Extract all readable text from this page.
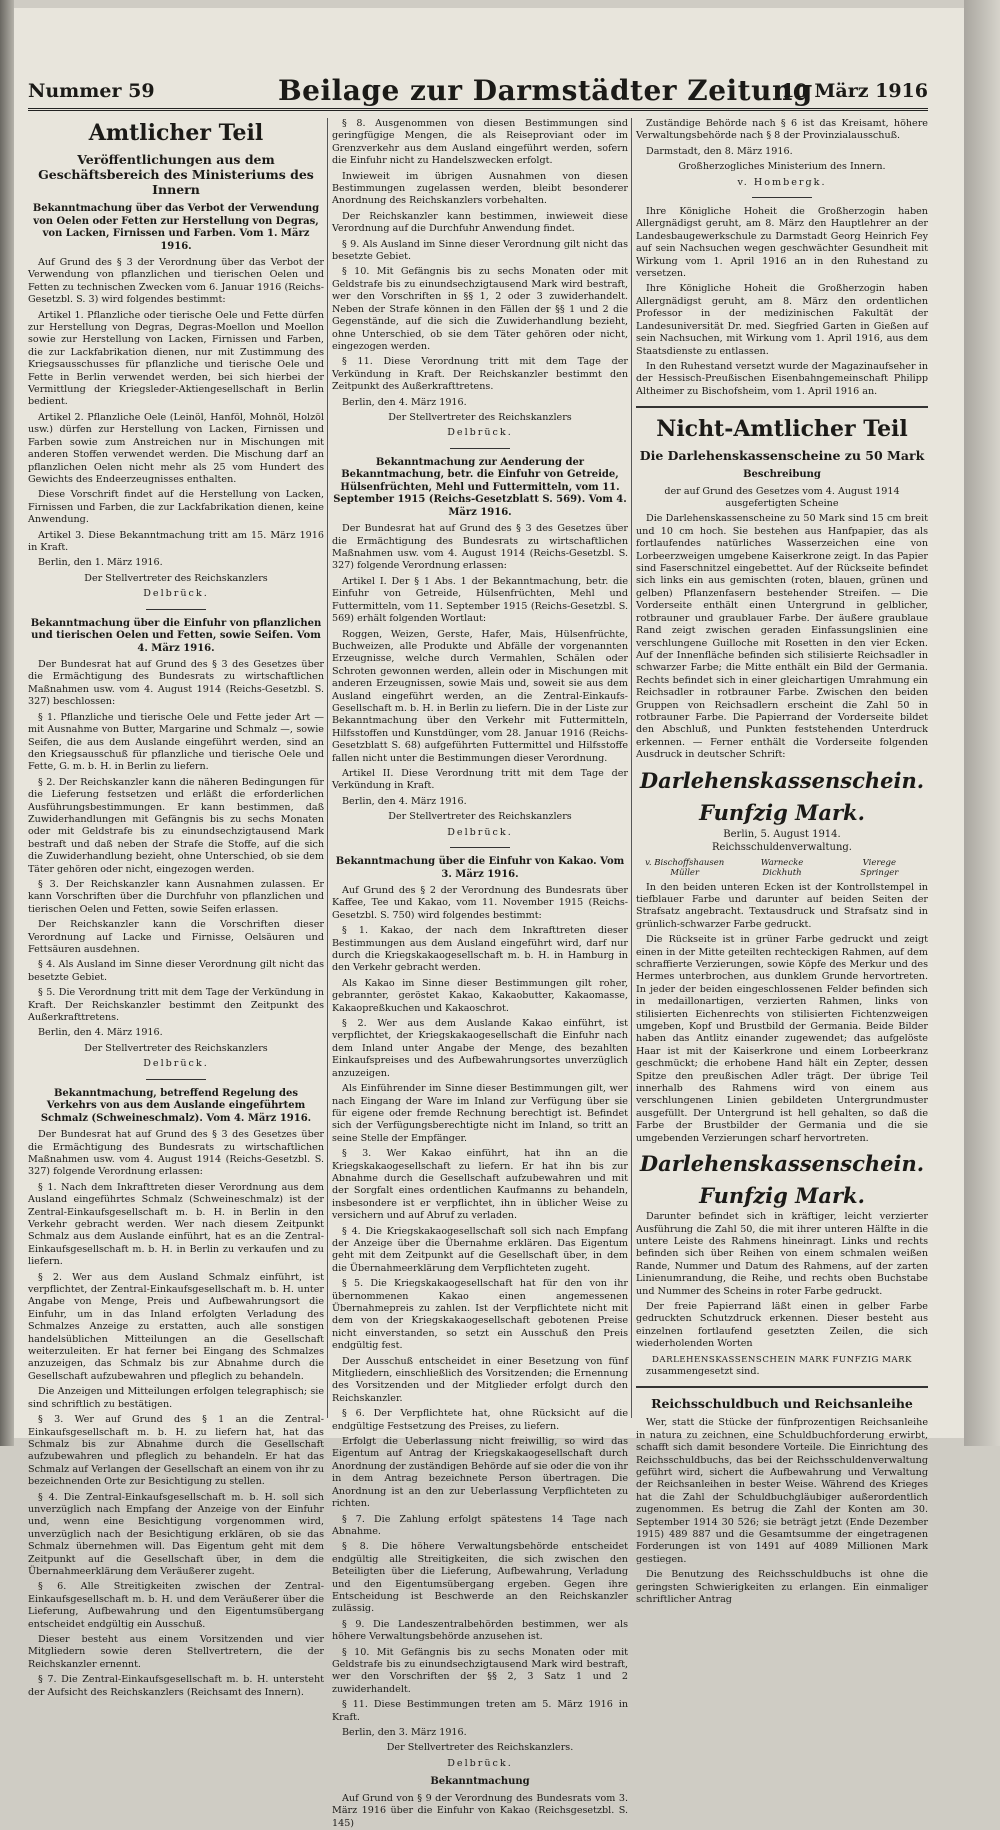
Nummer 59	Beilage zur Darmstädter Zeitung
10 März 1916
Amtlicher Teil
Veröffentlichungen aus dem Geschäftsbereich des Ministeriums des Innern
Bekanntmachung über das Verbot der Verwendung von Oelen oder Fetten zur Herstellung von Degras, von Lacken, Firnissen und Farben. Vom 1. März 1916.

Auf Grund des § 3 der Verordnung über das Verbot der Verwendung von pflanzlichen und tierischen Oelen und Fetten zu technischen Zwecken vom 6. Januar 1916 (Reichs-Gesetzbl. S. 3) wird folgendes bestimmt:

Artikel 1. Pflanzliche oder tierische Oele und Fette dürfen zur Herstellung von Degras, Degras-Moellon und Moellon sowie zur Herstellung von Lacken, Firnissen und Farben, die zur Lackfabrikation dienen, nur mit Zustimmung des Kriegsausschusses für pflanzliche und tierische Oele und Fette in Berlin verwendet werden, bei sich hierbei der Vermittlung der Kriegsleder-Aktiengesellschaft in Berlin bedient.

Artikel 2. Pflanzliche Oele (Leinöl, Hanföl, Mohnöl, Holzöl usw.) dürfen zur Herstellung von Lacken, Firnissen und Farben sowie zum Anstreichen nur in Mischungen mit anderen Stoffen verwendet werden. Die Mischung darf an pflanzlichen Oelen nicht mehr als 25 vom Hundert des Gewichts des Endeerzeugnisses enthalten.

Diese Vorschrift findet auf die Herstellung von Lacken, Firnissen und Farben, die zur Lackfabrikation dienen, keine Anwendung.

Artikel 3. Diese Bekanntmachung tritt am 15. März 1916 in Kraft.

Berlin, den 1. März 1916.

Der Stellvertreter des Reichskanzlers

Delbrück.
Bekanntmachung über die Einfuhr von pflanzlichen und tierischen Oelen und Fetten, sowie Seifen. Vom 4. März 1916.

Der Bundesrat hat auf Grund des § 3 des Gesetzes über die Ermächtigung des Bundesrats zu wirtschaftlichen Maßnahmen usw. vom 4. August 1914 (Reichs-Gesetzbl. S. 327) beschlossen:

§ 1. Pflanzliche und tierische Oele und Fette jeder Art — mit Ausnahme von Butter, Margarine und Schmalz —, sowie Seifen, die aus dem Auslande eingeführt werden, sind an den Kriegsausschuß für pflanzliche und tierische Oele und Fette, G. m. b. H. in Berlin zu liefern.

§ 2. Der Reichskanzler kann die näheren Bedingungen für die Lieferung festsetzen und erläßt die erforderlichen Ausführungsbestimmungen. Er kann bestimmen, daß Zuwiderhandlungen mit Gefängnis bis zu sechs Monaten oder mit Geldstrafe bis zu einundsechzigtausend Mark bestraft und daß neben der Strafe die Stoffe, auf die sich die Zuwiderhandlung bezieht, ohne Unterschied, ob sie dem Täter gehören oder nicht, eingezogen werden.

§ 3. Der Reichskanzler kann Ausnahmen zulassen. Er kann Vorschriften über die Durchfuhr von pflanzlichen und tierischen Oelen und Fetten, sowie Seifen erlassen.

Der Reichskanzler kann die Vorschriften dieser Verordnung auf Lacke und Firnisse, Oelsäuren und Fettsäuren ausdehnen.

§ 4. Als Ausland im Sinne dieser Verordnung gilt nicht das besetzte Gebiet.

§ 5. Die Verordnung tritt mit dem Tage der Verkündung in Kraft. Der Reichskanzler bestimmt den Zeitpunkt des Außerkrafttretens.

Berlin, den 4. März 1916.

Der Stellvertreter des Reichskanzlers

Delbrück.
Bekanntmachung, betreffend Regelung des Verkehrs von aus dem Auslande eingeführtem Schmalz (Schweineschmalz). Vom 4. März 1916.

Der Bundesrat hat auf Grund des § 3 des Gesetzes über die Ermächtigung des Bundesrats zu wirtschaftlichen Maßnahmen usw. vom 4. August 1914 (Reichs-Gesetzbl. S. 327) folgende Verordnung erlassen:

§ 1. Nach dem Inkrafttreten dieser Verordnung aus dem Ausland eingeführtes Schmalz (Schweineschmalz) ist der Zentral-Einkaufsgesellschaft m. b. H. in Berlin in den Verkehr gebracht werden. Wer nach diesem Zeitpunkt Schmalz aus dem Auslande einführt, hat es an die Zentral-Einkaufsgesellschaft m. b. H. in Berlin zu verkaufen und zu liefern.

§ 2. Wer aus dem Ausland Schmalz einführt, ist verpflichtet, der Zentral-Einkaufsgesellschaft m. b. H. unter Angabe von Menge, Preis und Aufbewahrungsort die Einfuhr, um in das Inland erfolgten Verladung des Schmalzes Anzeige zu erstatten, auch alle sonstigen handelsüblichen Mitteilungen an die Gesellschaft weiterzuleiten. Er hat ferner bei Eingang des Schmalzes anzuzeigen, das Schmalz bis zur Abnahme durch die Gesellschaft aufzubewahren und pfleglich zu behandeln.

Die Anzeigen und Mitteilungen erfolgen telegraphisch; sie sind schriftlich zu bestätigen.

§ 3. Wer auf Grund des § 1 an die Zentral-Einkaufsgesellschaft m. b. H. zu liefern hat, hat das Schmalz bis zur Abnahme durch die Gesellschaft aufzubewahren und pfleglich zu behandeln. Er hat das Schmalz auf Verlangen der Gesellschaft an einem von ihr zu bezeichnenden Orte zur Besichtigung zu stellen.

§ 4. Die Zentral-Einkaufsgesellschaft m. b. H. soll sich unverzüglich nach Empfang der Anzeige von der Einfuhr und, wenn eine Besichtigung vorgenommen wird, unverzüglich nach der Besichtigung erklären, ob sie das Schmalz übernehmen will. Das Eigentum geht mit dem Zeitpunkt auf die Gesellschaft über, in dem die Übernahmeerklärung dem Veräußerer zugeht.

§ 6. Alle Streitigkeiten zwischen der Zentral-Einkaufsgesellschaft m. b. H. und dem Veräußerer über die Lieferung, Aufbewahrung und den Eigentumsübergang entscheidet endgültig ein Ausschuß.

Dieser besteht aus einem Vorsitzenden und vier Mitgliedern sowie deren Stellvertretern, die der Reichskanzler ernennt.

§ 7. Die Zentral-Einkaufsgesellschaft m. b. H. untersteht der Aufsicht des Reichskanzlers (Reichsamt des Innern).

§ 8. Ausgenommen von diesen Bestimmungen sind geringfügige Mengen, die als Reiseproviant oder im Grenzverkehr aus dem Ausland eingeführt werden, sofern die Einfuhr nicht zu Handelszwecken erfolgt.

Inwieweit im übrigen Ausnahmen von diesen Bestimmungen zugelassen werden, bleibt besonderer Anordnung des Reichskanzlers vorbehalten.

Der Reichskanzler kann bestimmen, inwieweit diese Verordnung auf die Durchfuhr Anwendung findet.

§ 9. Als Ausland im Sinne dieser Verordnung gilt nicht das besetzte Gebiet.

§ 10. Mit Gefängnis bis zu sechs Monaten oder mit Geldstrafe bis zu einundsechzigtausend Mark wird bestraft, wer den Vorschriften in §§ 1, 2 oder 3 zuwiderhandelt. Neben der Strafe können in den Fällen der §§ 1 und 2 die Gegenstände, auf die sich die Zuwiderhandlung bezieht, ohne Unterschied, ob sie dem Täter gehören oder nicht, eingezogen werden.

§ 11. Diese Verordnung tritt mit dem Tage der Verkündung in Kraft. Der Reichskanzler bestimmt den Zeitpunkt des Außerkrafttretens.

Berlin, den 4. März 1916.

Der Stellvertreter des Reichskanzlers

Delbrück.
Bekanntmachung zur Aenderung der Bekanntmachung, betr. die Einfuhr von Getreide, Hülsenfrüchten, Mehl und Futtermitteln, vom 11. September 1915 (Reichs-Gesetzblatt S. 569). Vom 4. März 1916.

Der Bundesrat hat auf Grund des § 3 des Gesetzes über die Ermächtigung des Bundesrats zu wirtschaftlichen Maßnahmen usw. vom 4. August 1914 (Reichs-Gesetzbl. S. 327) folgende Verordnung erlassen:

Artikel I. Der § 1 Abs. 1 der Bekanntmachung, betr. die Einfuhr von Getreide, Hülsenfrüchten, Mehl und Futtermitteln, vom 11. September 1915 (Reichs-Gesetzbl. S. 569) erhält folgenden Wortlaut:

Roggen, Weizen, Gerste, Hafer, Mais, Hülsenfrüchte, Buchweizen, alle Produkte und Abfälle der vorgenannten Erzeugnisse, welche durch Vermahlen, Schälen oder Schroten gewonnen werden, allein oder in Mischungen mit anderen Erzeugnissen, sowie Mais und, soweit sie aus dem Ausland eingeführt werden, an die Zentral-Einkaufs-Gesellschaft m. b. H. in Berlin zu liefern. Die in der Liste zur Bekanntmachung über den Verkehr mit Futtermitteln, Hilfsstoffen und Kunstdünger, vom 28. Januar 1916 (Reichs-Gesetzblatt S. 68) aufgeführten Futtermittel und Hilfsstoffe fallen nicht unter die Bestimmungen dieser Verordnung.

Artikel II. Diese Verordnung tritt mit dem Tage der Verkündung in Kraft.

Berlin, den 4. März 1916.

Der Stellvertreter des Reichskanzlers

Delbrück.
Bekanntmachung über die Einfuhr von Kakao. Vom 3. März 1916.

Auf Grund des § 2 der Verordnung des Bundesrats über Kaffee, Tee und Kakao, vom 11. November 1915 (Reichs-Gesetzbl. S. 750) wird folgendes bestimmt:

§ 1. Kakao, der nach dem Inkrafttreten dieser Bestimmungen aus dem Ausland eingeführt wird, darf nur durch die Kriegskakaogesellschaft m. b. H. in Hamburg in den Verkehr gebracht werden.

Als Kakao im Sinne dieser Bestimmungen gilt roher, gebrannter, geröstet Kakao, Kakaobutter, Kakaomasse, Kakaopreßkuchen und Kakaoschrot.

§ 2. Wer aus dem Auslande Kakao einführt, ist verpflichtet, der Kriegskakaogesellschaft die Einfuhr nach dem Inland unter Angabe der Menge, des bezahlten Einkaufspreises und des Aufbewahrungsortes unverzüglich anzuzeigen.

Als Einführender im Sinne dieser Bestimmungen gilt, wer nach Eingang der Ware im Inland zur Verfügung über sie für eigene oder fremde Rechnung berechtigt ist. Befindet sich der Verfügungsberechtigte nicht im Inland, so tritt an seine Stelle der Empfänger.

§ 3. Wer Kakao einführt, hat ihn an die Kriegskakaogesellschaft zu liefern. Er hat ihn bis zur Abnahme durch die Gesellschaft aufzubewahren und mit der Sorgfalt eines ordentlichen Kaufmanns zu behandeln, insbesondere ist er verpflichtet, ihn in üblicher Weise zu versichern und auf Abruf zu verladen.

§ 4. Die Kriegskakaogesellschaft soll sich nach Empfang der Anzeige über die Übernahme erklären. Das Eigentum geht mit dem Zeitpunkt auf die Gesellschaft über, in dem die Übernahmeerklärung dem Verpflichteten zugeht.

§ 5. Die Kriegskakaogesellschaft hat für den von ihr übernommenen Kakao einen angemessenen Übernahmepreis zu zahlen. Ist der Verpflichtete nicht mit dem von der Kriegskakaogesellschaft gebotenen Preise nicht einverstanden, so setzt ein Ausschuß den Preis endgültig fest.

Der Ausschuß entscheidet in einer Besetzung von fünf Mitgliedern, einschließlich des Vorsitzenden; die Ernennung des Vorsitzenden und der Mitglieder erfolgt durch den Reichskanzler.

§ 6. Der Verpflichtete hat, ohne Rücksicht auf die endgültige Festsetzung des Preises, zu liefern.

Erfolgt die Ueberlassung nicht freiwillig, so wird das Eigentum auf Antrag der Kriegskakaogesellschaft durch Anordnung der zuständigen Behörde auf sie oder die von ihr in dem Antrag bezeichnete Person übertragen. Die Anordnung ist an den zur Ueberlassung Verpflichteten zu richten.

§ 7. Die Zahlung erfolgt spätestens 14 Tage nach Abnahme.

§ 8. Die höhere Verwaltungsbehörde entscheidet endgültig alle Streitigkeiten, die sich zwischen den Beteiligten über die Lieferung, Aufbewahrung, Verladung und den Eigentumsübergang ergeben. Gegen ihre Entscheidung ist Beschwerde an den Reichskanzler zulässig.

§ 9. Die Landeszentralbehörden bestimmen, wer als höhere Verwaltungsbehörde anzusehen ist.

§ 10. Mit Gefängnis bis zu sechs Monaten oder mit Geldstrafe bis zu einundsechzigtausend Mark wird bestraft, wer den Vorschriften der §§ 2, 3 Satz 1 und 2 zuwiderhandelt.

§ 11. Diese Bestimmungen treten am 5. März 1916 in Kraft.

Berlin, den 3. März 1916.

Der Stellvertreter des Reichskanzlers.

Delbrück.
Bekanntmachung

Auf Grund von § 9 der Verordnung des Bundesrats vom 3. März 1916 über die Einfuhr von Kakao (Reichsgesetzbl. S. 145)

Zuständige Behörde nach § 6 ist das Kreisamt, höhere Verwaltungsbehörde nach § 8 der Provinzialausschuß.

Darmstadt, den 8. März 1916.

Großherzogliches Ministerium des Innern.

v. Hombergk.

Ihre Königliche Hoheit die Großherzogin haben Allergnädigst geruht, am 8. März den Hauptlehrer an der Landesbaugewerkschule zu Darmstadt Georg Heinrich Fey auf sein Nachsuchen wegen geschwächter Gesundheit mit Wirkung vom 1. April 1916 an in den Ruhestand zu versetzen.

Ihre Königliche Hoheit die Großherzogin haben Allergnädigst geruht, am 8. März den ordentlichen Professor in der medizinischen Fakultät der Landesuniversität Dr. med. Siegfried Garten in Gießen auf sein Nachsuchen, mit Wirkung vom 1. April 1916, aus dem Staatsdienste zu entlassen.

In den Ruhestand versetzt wurde der Magazinaufseher in der Hessisch-Preußischen Eisenbahngemeinschaft Philipp Altheimer zu Bischofsheim, vom 1. April 1916 an.

Nicht-Amtlicher Teil
Die Darlehenskassenscheine zu 50 Mark
Beschreibung

der auf Grund des Gesetzes vom 4. August 1914 ausgefertigten Scheine

Die Darlehenskassenscheine zu 50 Mark sind 15 cm breit und 10 cm hoch. Sie bestehen aus Hanfpapier, das als fortlaufendes natürliches Wasserzeichen eine von Lorbeerzweigen umgebene Kaiserkrone zeigt. In das Papier sind Faserschnitzel eingebettet. Auf der Rückseite befindet sich links ein aus gemischten (roten, blauen, grünen und gelben) Pflanzenfasern bestehender Streifen. — Die Vorderseite enthält einen Untergrund in gelblicher, rotbrauner und graublauer Farbe. Der äußere graublaue Rand zeigt zwischen geraden Einfassungslinien eine verschlungene Guilloche mit Rosetten in den vier Ecken. Auf der Innenfläche befinden sich stilisierte Reichsadler in schwarzer Farbe; die Mitte enthält ein Bild der Germania. Rechts befindet sich in einer gleichartigen Umrahmung ein Reichsadler in rotbrauner Farbe. Zwischen den beiden Gruppen von Reichsadlern erscheint die Zahl 50 in rotbrauner Farbe. Die Papierrand der Vorderseite bildet den Abschluß, und Punkten feststehenden Unterdruck erkennen. — Ferner enthält die Vorderseite folgenden Ausdruck in deutscher Schrift:

Darlehenskassenschein.
Funfzig Mark.
Berlin, 5. August 1914.
Reichsschuldenverwaltung.
v. Bischoffshausen	Warnecke	Vierege
Müller	Dickhuth	Springer

In den beiden unteren Ecken ist der Kontrollstempel in tiefblauer Farbe und darunter auf beiden Seiten der Strafsatz angebracht. Textausdruck und Strafsatz sind in grünlich-schwarzer Farbe gedruckt.

Die Rückseite ist in grüner Farbe gedruckt und zeigt einen in der Mitte geteilten rechteckigen Rahmen, auf dem schraffierte Verzierungen, sowie Köpfe des Merkur und des Hermes unterbrochen, aus dunklem Grunde hervortreten. In jeder der beiden eingeschlossenen Felder befinden sich in medaillonartigen, verzierten Rahmen, links von stilisierten Eichenrechts von stilisierten Fichtenzweigen umgeben, Kopf und Brustbild der Germania. Beide Bilder haben das Antlitz einander zugewendet; das aufgelöste Haar ist mit der Kaiserkrone und einem Lorbeerkranz geschmückt; die erhobene Hand hält ein Zepter, dessen Spitze den preußischen Adler trägt. Der übrige Teil innerhalb des Rahmens wird von einem aus verschlungenen Linien gebildeten Untergrundmuster ausgefüllt. Der Untergrund ist hell gehalten, so daß die Farbe der Brustbilder der Germania und die sie umgebenden Verzierungen scharf hervortreten.

Darlehenskassenschein.
Funfzig Mark.

Darunter befindet sich in kräftiger, leicht verzierter Ausführung die Zahl 50, die mit ihrer unteren Hälfte in die untere Leiste des Rahmens hineinragt. Links und rechts befinden sich über Reihen von einem schmalen weißen Rande, Nummer und Datum des Rahmens, auf der zarten Linienumrandung, die Reihe, und rechts oben Buchstabe und Nummer des Scheins in roter Farbe gedruckt.

Der freie Papierrand läßt einen in gelber Farbe gedruckten Schutzdruck erkennen. Dieser besteht aus einzelnen fortlaufend gesetzten Zeilen, die sich wiederholenden Worten

DARLEHENSKASSENSCHEIN MARK FUNFZIG MARK

zusammengesetzt sind.

Reichsschuldbuch und Reichsanleihe

Wer, statt die Stücke der fünfprozentigen Reichsanleihe in natura zu zeichnen, eine Schuldbuchforderung erwirbt, schafft sich damit besondere Vorteile. Die Einrichtung des Reichsschuldbuchs, das bei der Reichsschuldenverwaltung geführt wird, sichert die Aufbewahrung und Verwaltung der Reichsanleihen in bester Weise. Während des Krieges hat die Zahl der Schuldbuchgläubiger außerordentlich zugenommen. Es betrug die Zahl der Konten am 30. September 1914 30 526; sie beträgt jetzt (Ende Dezember 1915) 489 887 und die Gesamtsumme der eingetragenen Forderungen ist von 1491 auf 4089 Millionen Mark gestiegen.

Die Benutzung des Reichsschuldbuchs ist ohne die geringsten Schwierigkeiten zu erlangen. Ein einmaliger schriftlicher Antrag
